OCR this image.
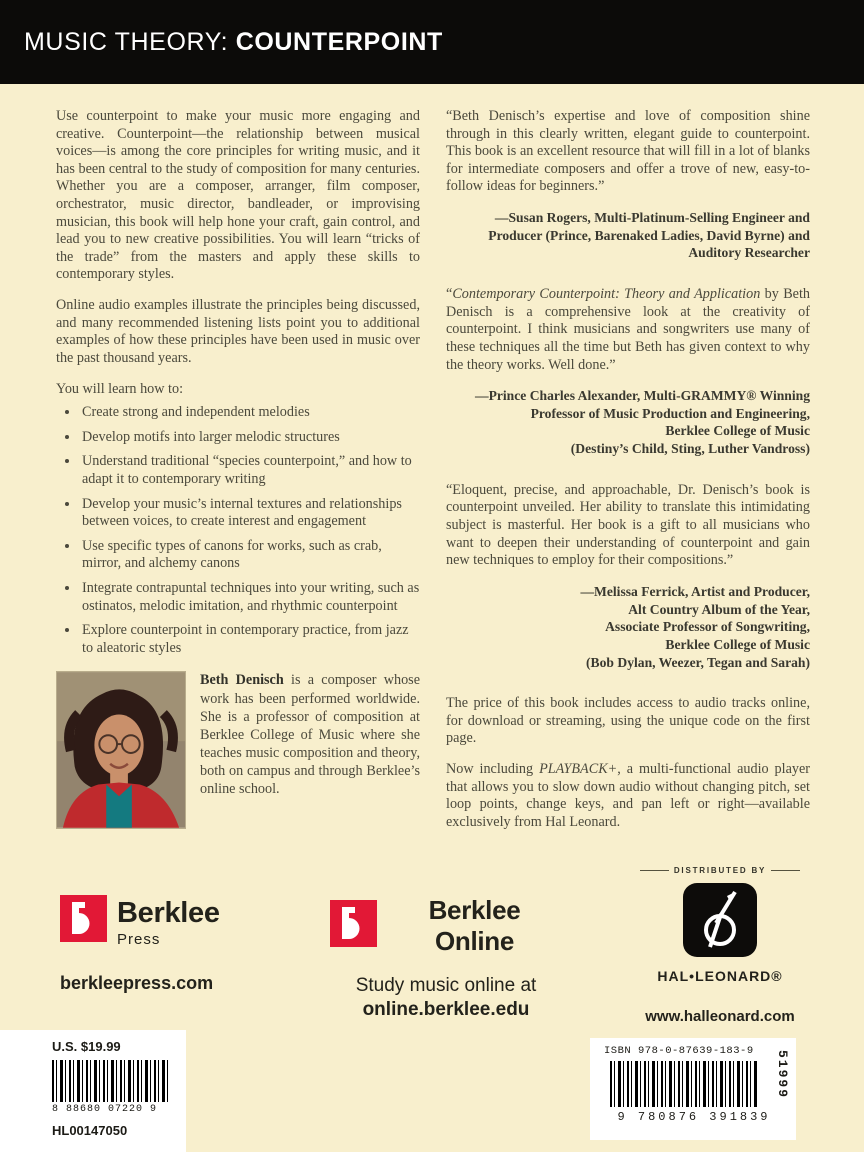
MUSIC THEORY: COUNTERPOINT

Use counterpoint to make your music more engaging and creative. Counterpoint—the relationship between musical voices—is among the core principles for writing music, and it has been central to the study of composition for many centuries. Whether you are a composer, arranger, film composer, orchestrator, music director, bandleader, or improvising musician, this book will help hone your craft, gain control, and lead you to new creative possibilities. You will learn “tricks of the trade” from the masters and apply these skills to contemporary styles.

Online audio examples illustrate the principles being discussed, and many recommended listening lists point you to additional examples of how these principles have been used in music over the past thousand years.

You will learn how to:

• Create strong and independent melodies
• Develop motifs into larger melodic structures
• Understand traditional “species counterpoint,” and how to adapt it to contemporary writing
• Develop your music’s internal textures and relationships between voices, to create interest and engagement
• Use specific types of canons for works, such as crab, mirror, and alchemy canons
• Integrate contrapuntal techniques into your writing, such as ostinatos, melodic imitation, and rhythmic counterpoint
• Explore counterpoint in contemporary practice, from jazz to aleatoric styles

Beth Denisch is a composer whose work has been performed worldwide. She is a professor of composition at Berklee College of Music where she teaches music composition and theory, both on campus and through Berklee’s online school.

“Beth Denisch’s expertise and love of composition shine through in this clearly written, elegant guide to counterpoint. This book is an excellent resource that will fill in a lot of blanks for intermediate composers and offer a trove of new, easy-to-follow ideas for beginners.”

—Susan Rogers, Multi-Platinum-Selling Engineer and
Producer (Prince, Barenaked Ladies, David Byrne) and
Auditory Researcher

“Contemporary Counterpoint: Theory and Application by Beth Denisch is a comprehensive look at the creativity of counterpoint. I think musicians and songwriters use many of these techniques all the time but Beth has given context to why the theory works. Well done.”

—Prince Charles Alexander, Multi-GRAMMY® Winning
Professor of Music Production and Engineering,
Berklee College of Music
(Destiny’s Child, Sting, Luther Vandross)

“Eloquent, precise, and approachable, Dr. Denisch’s book is counterpoint unveiled. Her ability to translate this intimidating subject is masterful. Her book is a gift to all musicians who want to deepen their understanding of counterpoint and gain new techniques to employ for their compositions.”

—Melissa Ferrick, Artist and Producer,
Alt Country Album of the Year,
Associate Professor of Songwriting,
Berklee College of Music
(Bob Dylan, Weezer, Tegan and Sarah)

The price of this book includes access to audio tracks online, for download or streaming, using the unique code on the first page.

Now including PLAYBACK+, a multi-functional audio player that allows you to slow down audio without changing pitch, set loop points, change keys, and pan left or right—available exclusively from Hal Leonard.

Berklee
Press
berkleepress.com
Berklee Online
Study music online at
online.berklee.edu
DISTRIBUTED BY
HAL•LEONARD®
www.halleonard.com
U.S. $19.99
8 88680 07220 9
HL00147050
ISBN 978-0-87639-183-9	51999
9 780876 391839
